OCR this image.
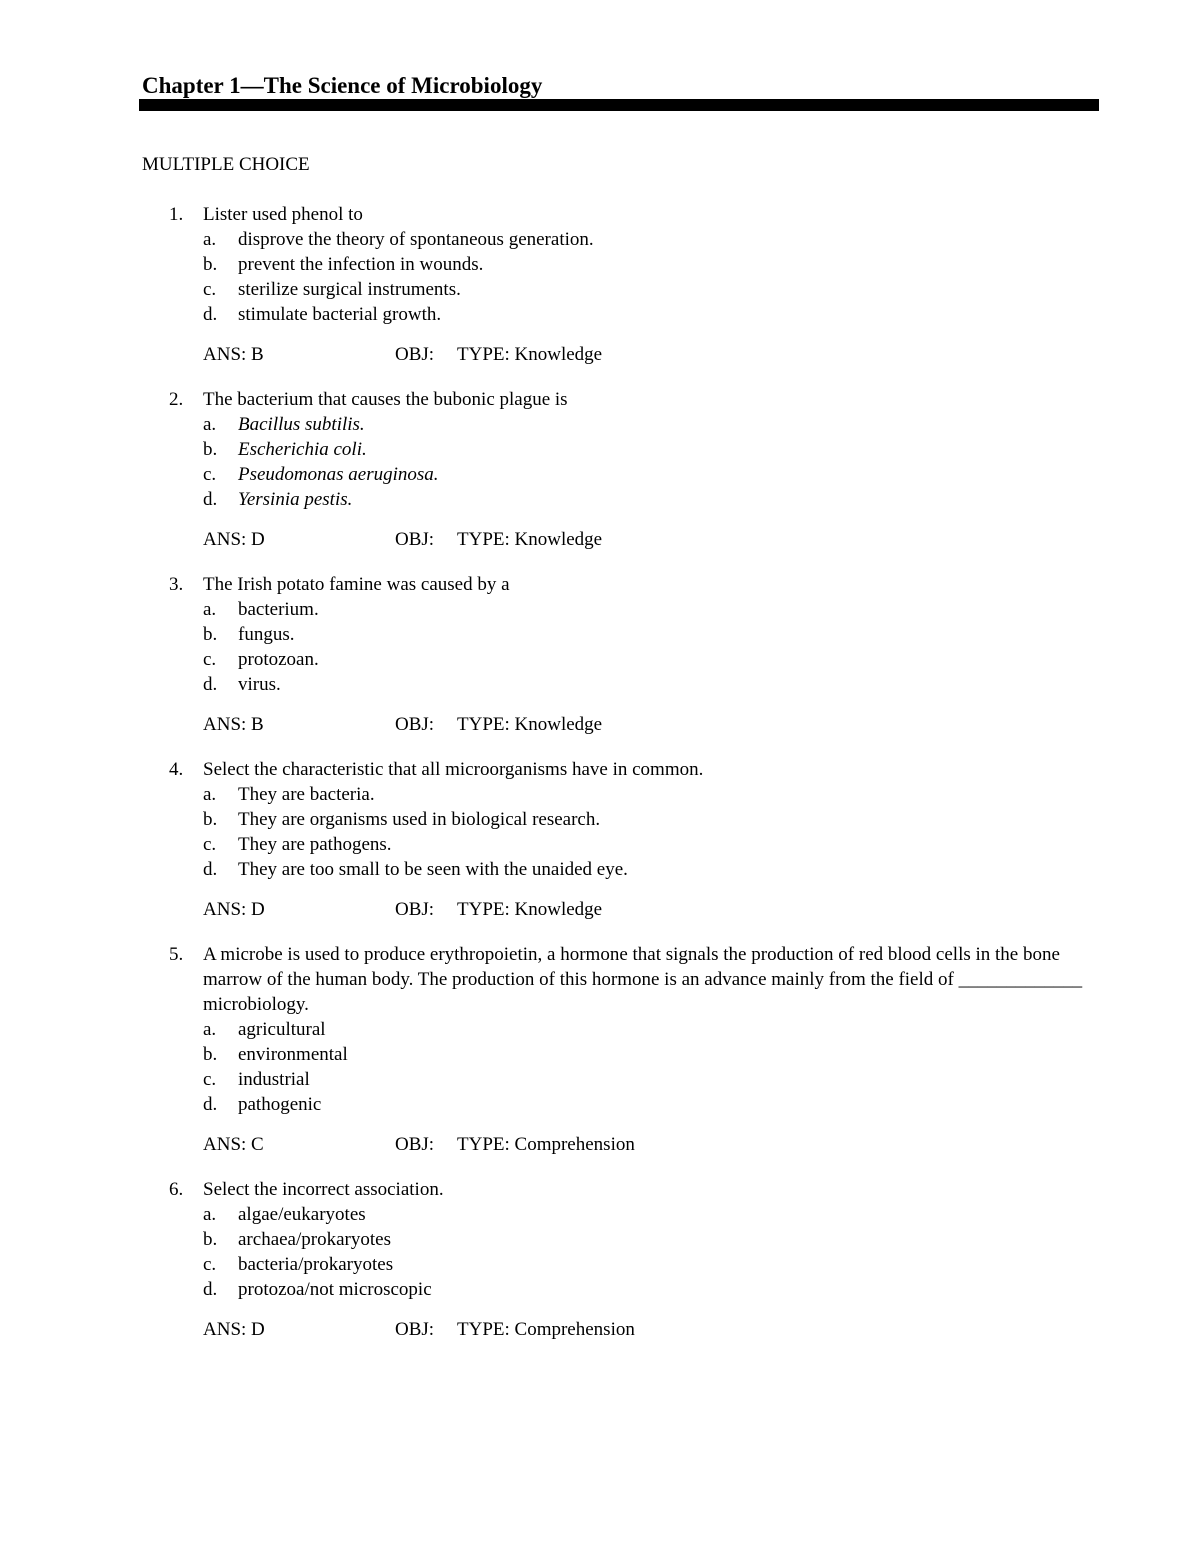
Chapter 1—The Science of Microbiology
MULTIPLE CHOICE
1.	Lister used phenol to
a. disprove the theory of spontaneous generation.
b. prevent the infection in wounds.
c. sterilize surgical instruments.
d. stimulate bacterial growth.
ANS: B	OBJ: TYPE: Knowledge
2.	The bacterium that causes the bubonic plague is
a. Bacillus subtilis.
b. Escherichia coli.
c. Pseudomonas aeruginosa.
d. Yersinia pestis.
ANS: D	OBJ: TYPE: Knowledge
3.	The Irish potato famine was caused by a
a. bacterium.
b. fungus.
c. protozoan.
d. virus.
ANS: B	OBJ: TYPE: Knowledge
4.	Select the characteristic that all microorganisms have in common.
a. They are bacteria.
b. They are organisms used in biological research.
c. They are pathogens.
d. They are too small to be seen with the unaided eye.
ANS: D	OBJ: TYPE: Knowledge
5.	A microbe is used to produce erythropoietin, a hormone that signals the production of red blood cells in the bone marrow of the human body. The production of this hormone is an advance mainly from the field of _____________ microbiology.
a. agricultural
b. environmental
c. industrial
d. pathogenic
ANS: C	OBJ: TYPE: Comprehension
6.	Select the incorrect association.
a. algae/eukaryotes
b. archaea/prokaryotes
c. bacteria/prokaryotes
d. protozoa/not microscopic
ANS: D	OBJ: TYPE: Comprehension
